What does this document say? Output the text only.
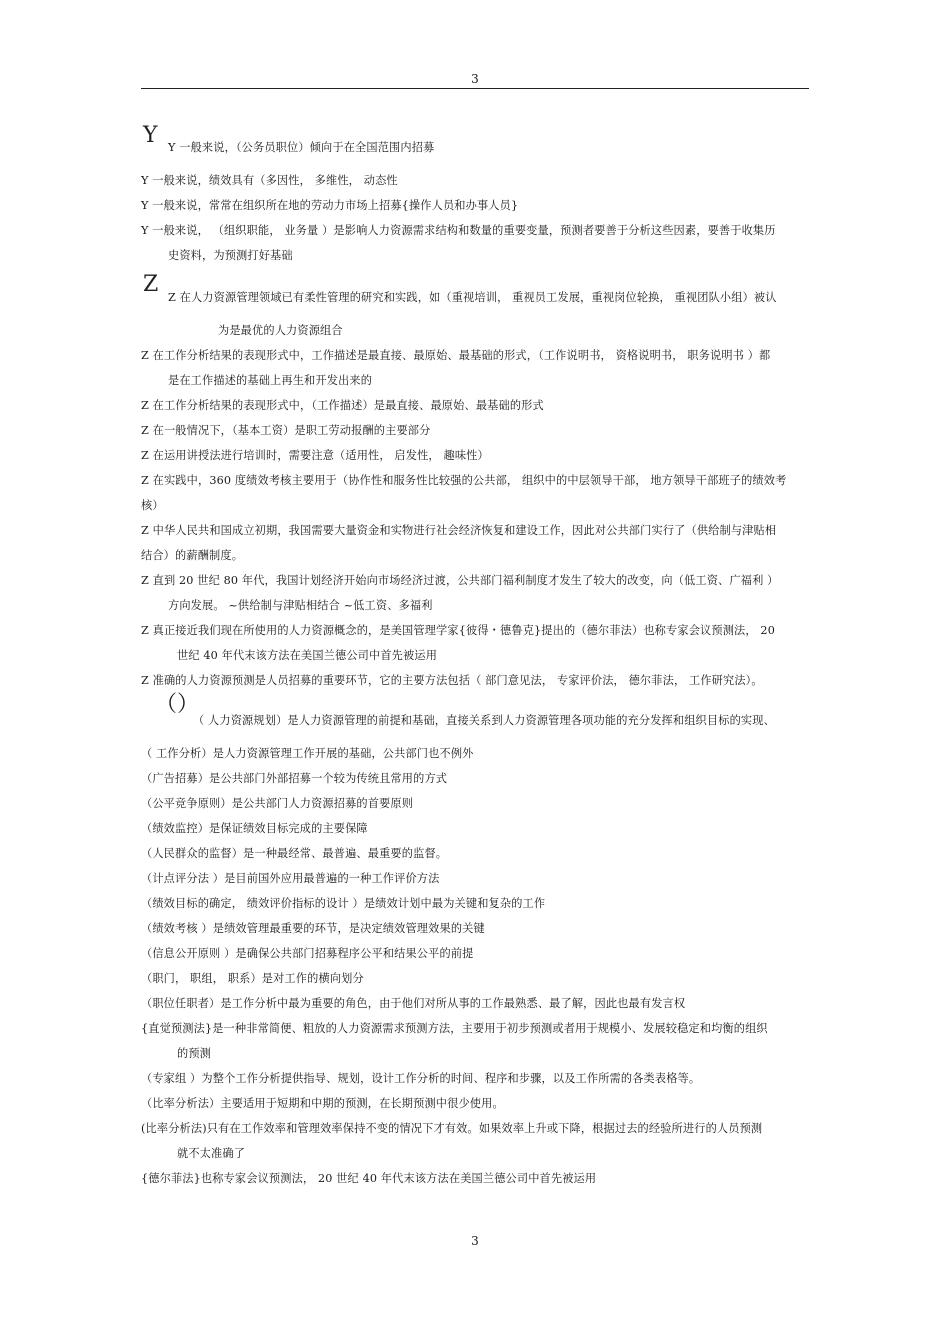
3
Y Y 一般来说，（公务员职位）倾向于在全国范围内招募
Y 一般来说，绩效具有（多因性， 多维性， 动态性
Y 一般来说，常常在组织所在地的劳动力市场上招募{操作人员和办事人员}
Y 一般来说， （组织职能， 业务量 ）是影响人力资源需求结构和数量的重要变量，预测者要善于分析这些因素，要善于收集历
史资料，为预测打好基础
Z
Z 在人力资源管理领域已有柔性管理的研究和实践，如（重视培训， 重视员工发展，重视岗位轮换， 重视团队小组）被认
为是最优的人力资源组合
Z 在工作分析结果的表现形式中，工作描述是最直接、最原始、最基础的形式，（工作说明书， 资格说明书， 职务说明书 ）都
是在工作描述的基础上再生和开发出来的
Z 在工作分析结果的表现形式中，（工作描述）是最直接、最原始、最基础的形式
Z 在一般情况下，（基本工资）是职工劳动报酬的主要部分
Z 在运用讲授法进行培训时，需要注意（适用性， 启发性， 趣味性）
Z 在实践中，360 度绩效考核主要用于（协作性和服务性比较强的公共部， 组织中的中层领导干部， 地方领导干部班子的绩效考
核）
Z 中华人民共和国成立初期，我国需要大量资金和实物进行社会经济恢复和建设工作，因此对公共部门实行了（供给制与津贴相
结合）的薪酬制度。
Z 直到 20 世纪 80 年代，我国计划经济开始向市场经济过渡，公共部门福利制度才发生了较大的改变，向（低工资、广福利 ）
方向发展。 ~供给制与津贴相结合 ~低工资、多福利
Z 真正接近我们现在所使用的人力资源概念的，是美国管理学家{彼得・德鲁克}提出的（德尔菲法）也称专家会议预测法， 20
世纪 40 年代末该方法在美国兰德公司中首先被运用
Z 准确的人力资源预测是人员招募的重要环节，它的主要方法包括（ 部门意见法， 专家评价法， 德尔菲法， 工作研究法）。
（）
（ 人力资源规划）是人力资源管理的前提和基础，直接关系到人力资源管理各项功能的充分发挥和组织目标的实现、
（ 工作分析）是人力资源管理工作开展的基础，公共部门也不例外
（广告招募）是公共部门外部招募一个较为传统且常用的方式
（公平竞争原则）是公共部门人力资源招募的首要原则
（绩效监控）是保证绩效目标完成的主要保障
（人民群众的监督）是一种最经常、最普遍、最重要的监督。
（计点评分法 ）是目前国外应用最普遍的一种工作评价方法
（绩效目标的确定， 绩效评价指标的设计 ）是绩效计划中最为关键和复杂的工作
（绩效考核 ）是绩效管理最重要的环节，是决定绩效管理效果的关键
（信息公开原则 ）是确保公共部门招募程序公平和结果公平的前提
（职门， 职组， 职系）是对工作的横向划分
（职位任职者）是工作分析中最为重要的角色，由于他们对所从事的工作最熟悉、最了解，因此也最有发言权
{直觉预测法}是一种非常简便、粗放的人力资源需求预测方法，主要用于初步预测或者用于规模小、发展较稳定和均衡的组织
的预测
（专家组 ）为整个工作分析提供指导、规划，设计工作分析的时间、程序和步骤，以及工作所需的各类表格等。
（比率分析法）主要适用于短期和中期的预测，在长期预测中很少使用。
(比率分析法)只有在工作效率和管理效率保持不变的情况下才有效。如果效率上升或下降，根据过去的经验所进行的人员预测
就不太准确了
{德尔菲法}也称专家会议预测法， 20 世纪 40 年代末该方法在美国兰德公司中首先被运用
3
